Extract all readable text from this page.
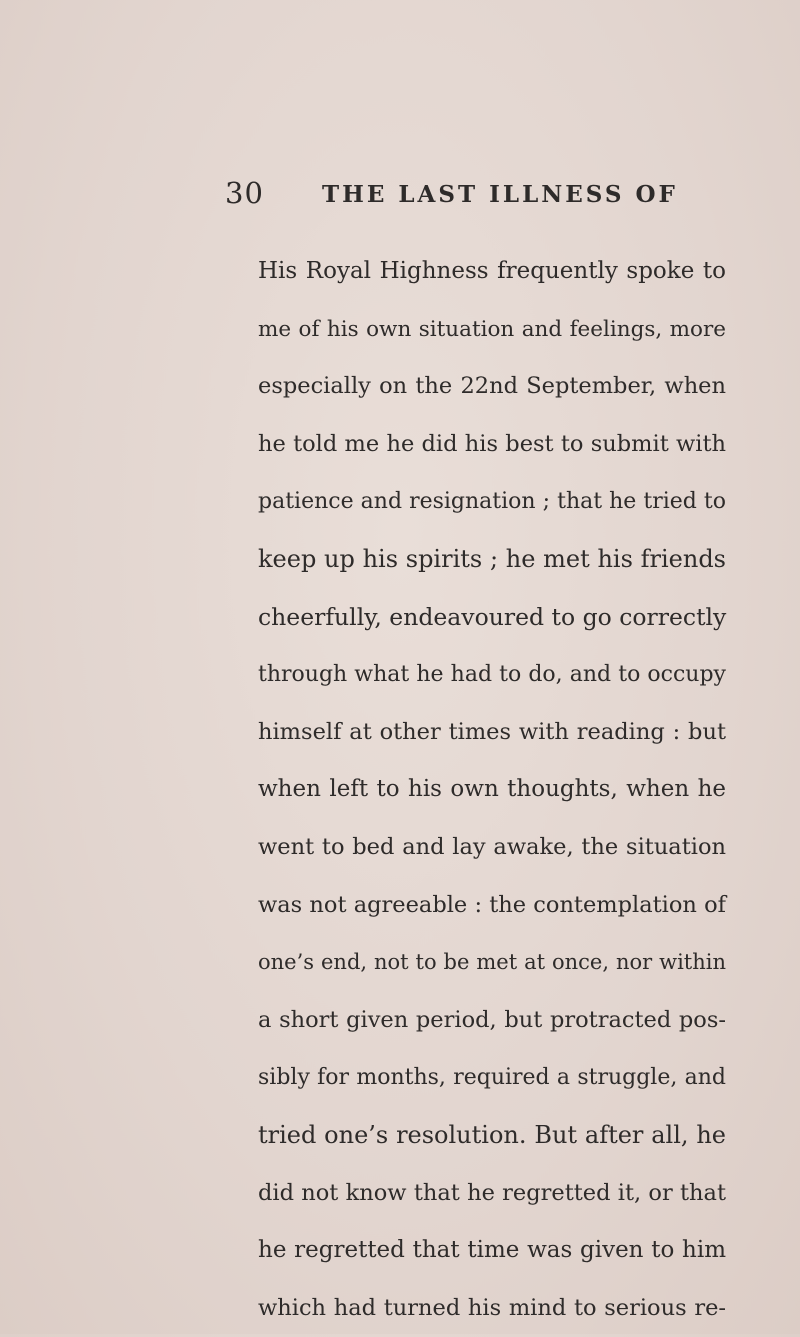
30	THE LAST ILLNESS OF
His Royal Highness frequently spoke to
me of his own situation and feelings, more
especially on the 22nd September, when
he told me he did his best to submit with
patience and resignation ; that he tried to
keep up his spirits ; he met his friends
cheerfully, endeavoured to go correctly
through what he had to do, and to occupy
himself at other times with reading : but
when left to his own thoughts, when he
went to bed and lay awake, the situation
was not agreeable : the contemplation of
one’s end, not to be met at once, nor within
a short given period, but protracted pos-
sibly for months, required a struggle, and
tried one’s resolution. But after all, he
did not know that he regretted it, or that
he regretted that time was given to him
which had turned his mind to serious re-
